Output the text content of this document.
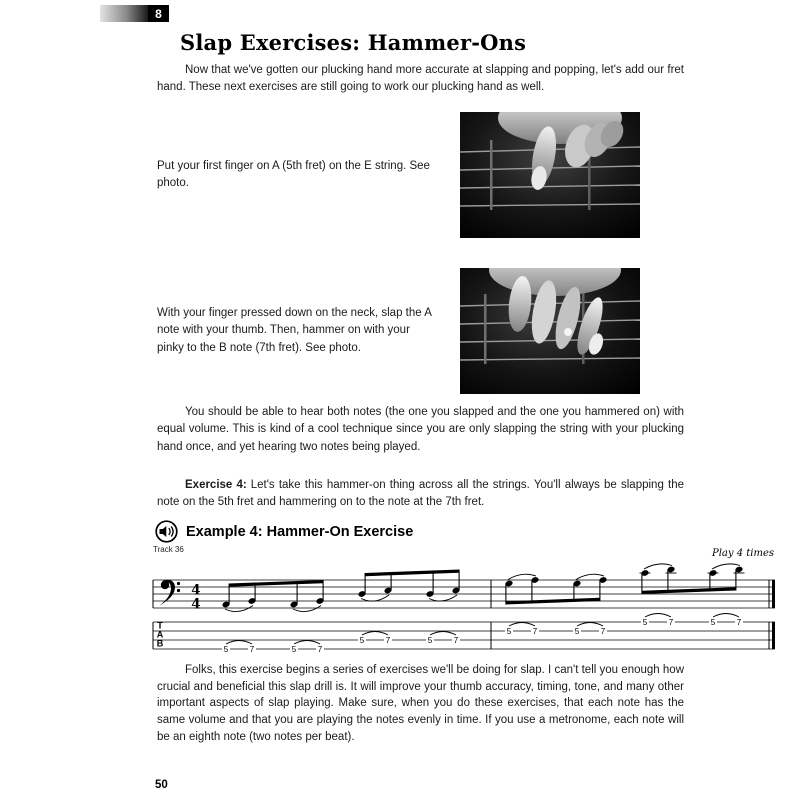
8
Slap Exercises: Hammer-Ons

Now that we've gotten our plucking hand more accurate at slapping and popping, let's add our fret hand. These next exercises are still going to work our plucking hand as well.

Put your first finger on A (5th fret) on the E string. See photo.

With your finger pressed down on the neck, slap the A note with your thumb. Then, hammer on with your pinky to the B note (7th fret). See photo.

You should be able to hear both notes (the one you slapped and the one you hammered on) with equal volume. This is kind of a cool technique since you are only slapping the string with your plucking hand once, and yet hearing two notes being played.

Exercise 4: Let's take this hammer-on thing across all the strings. You'll always be slapping the note on the 5th fret and hammering on to the note at the 7th fret.

Example 4: Hammer-On Exercise
Track 36	Play 4 times
4
4
T
A
B
5	7	5	7
5	7	5	7
5	7	5	7
5	7	5	7

Folks, this exercise begins a series of exercises we'll be doing for slap. I can't tell you enough how crucial and beneficial this slap drill is. It will improve your thumb accuracy, timing, tone, and many other important aspects of slap playing. Make sure, when you do these exercises, that each note has the same volume and that you are playing the notes evenly in time. If you use a metronome, each note will be an eighth note (two notes per beat).

50
